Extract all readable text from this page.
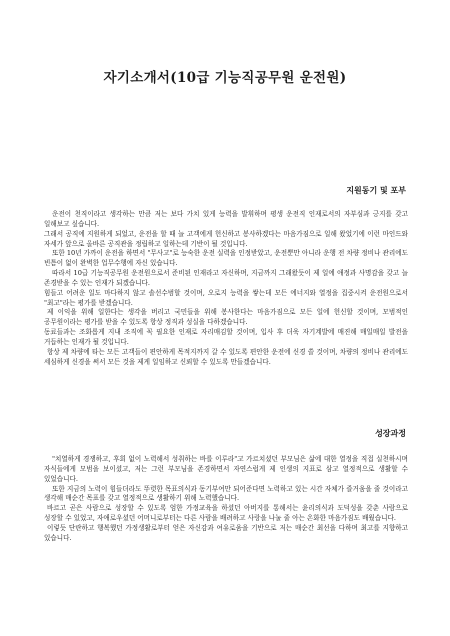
자기소개서(10급 기능직공무원 운전원)
지원동기 및 포부

운전이 천직이라고 생각하는 만큼 저는 보다 가치 있게 능력을 발휘하며 평생 운전직 인재로서의 자부심과 긍지를 갖고 일해보고 싶습니다.

그래서 공직에 지원하게 되었고, 운전을 할 때 늘 고객에게 헌신하고 봉사하겠다는 마음가짐으로 일해 왔었기에 이런 마인드와 자세가 앞으로 올바른 공직관을 정립하고 일하는데 기반이 될 것입니다.

또한 10년 가까이 운전을 하면서 "무사고"로 능숙한 운전 실력을 인정받았고, 운전뿐만 아니라 운행 전 차량 정비나 관리에도 빈틈이 없이 완벽한 업무수행에 자신 있습니다.

따라서 10급 기능직공무원 운전원으로서 준비된 인재라고 자신하며, 지금까지 그래왔듯이 제 일에 애정과 사명감을 갖고 늘 존경받을 수 있는 인재가 되겠습니다.

힘들고 어려운 일도 마다하지 않고 솔선수범할 것이며, 오로지 능력을 쌓는데 모든 에너지와 열정을 집중시켜 운전원으로서 "최고"라는 평가를 받겠습니다.

제 이익을 위해 일한다는 생각을 버리고 국민들을 위해 봉사한다는 마음가짐으로 모든 일에 헌신할 것이며, 모범적인 공무원이라는 평가를 받을 수 있도록 항상 정직과 성실을 다하겠습니다.

동료들과는 조화롭게 지내 조직에 꼭 필요한 인재로 자리매김할 것이며, 입사 후 더욱 자기계발에 매진해 매일매일 발전을 거듭하는 인재가 될 것입니다.

항상 제 차량에 타는 모든 고객들이 편안하게 목적지까지 갈 수 있도록 편안한 운전에 신경 쓸 것이며, 차량의 정비나 관리에도 세심하게 신경을 써서 모든 것을 제게 일임하고 신뢰할 수 있도록 만들겠습니다.

성장과정

"치열하게 경쟁하고, 후회 없이 노력해서 성취하는 바를 이루라"고 가르치셨던 부모님은 삶에 대한 열정을 직접 실천하시며 자식들에게 모범을 보이셨고, 저는 그런 부모님을 존경하면서 자연스럽게 제 인생의 지표로 삼고 열정적으로 생활할 수 있었습니다.

또한 지금의 노력이 힘들더라도 뚜렷한 목표의식과 동기부여만 되어준다면 노력하고 있는 시간 자체가 즐거움을 줄 것이라고 생각해 매순간 목표를 갖고 열정적으로 생활하기 위해 노력했습니다.

바르고 곧은 사람으로 성장할 수 있도록 엄한 가정교육을 하셨던 아버지를 통해서는 윤리의식과 도덕성을 갖춘 사람으로 성장할 수 있었고, 자애로우셨던 어머니로부터는 다른 사람을 배려하고 사랑을 나눌 줄 아는 온화한 마음가짐도 배웠습니다.

이렇듯 단란하고 행복했던 가정생활로부터 얻은 자신감과 여유로움을 기반으로 저는 매순간 최선을 다하며 최고를 지향하고 있습니다.
